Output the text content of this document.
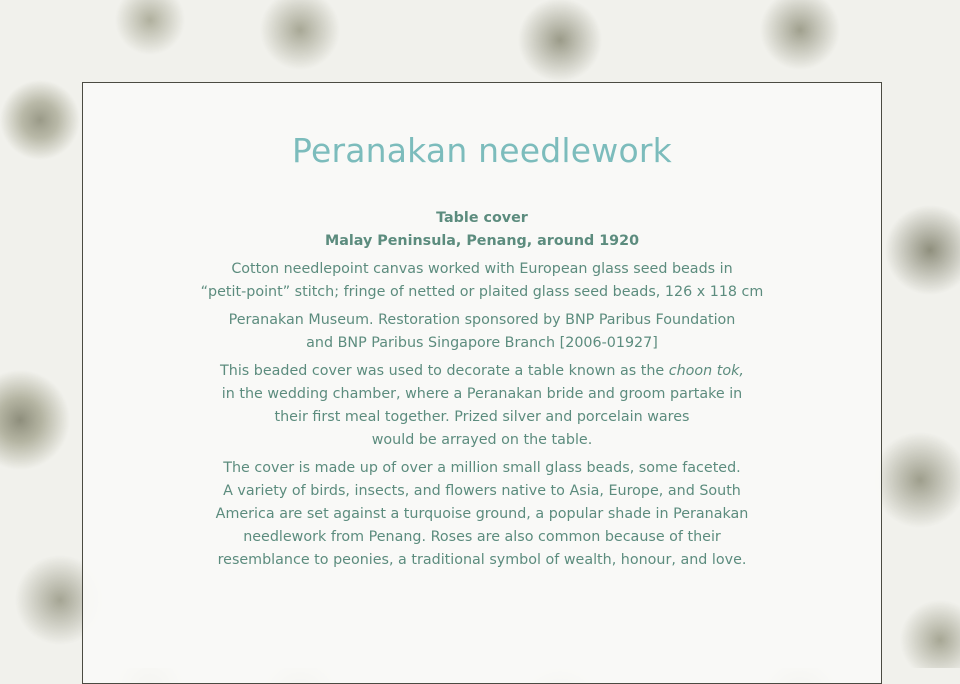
Peranakan needlework
Table cover
Malay Peninsula, Penang, around 1920
Cotton needlepoint canvas worked with European glass seed beads in
“petit-point” stitch; fringe of netted or plaited glass seed beads, 126 x 118 cm
Peranakan Museum. Restoration sponsored by BNP Paribus Foundation
and BNP Paribus Singapore Branch [2006-01927]
This beaded cover was used to decorate a table known as the choon tok,
in the wedding chamber, where a Peranakan bride and groom partake in
their first meal together. Prized silver and porcelain wares
would be arrayed on the table.
The cover is made up of over a million small glass beads, some faceted.
A variety of birds, insects, and flowers native to Asia, Europe, and South
America are set against a turquoise ground, a popular shade in Peranakan
needlework from Penang. Roses are also common because of their
resemblance to peonies, a traditional symbol of wealth, honour, and love.
